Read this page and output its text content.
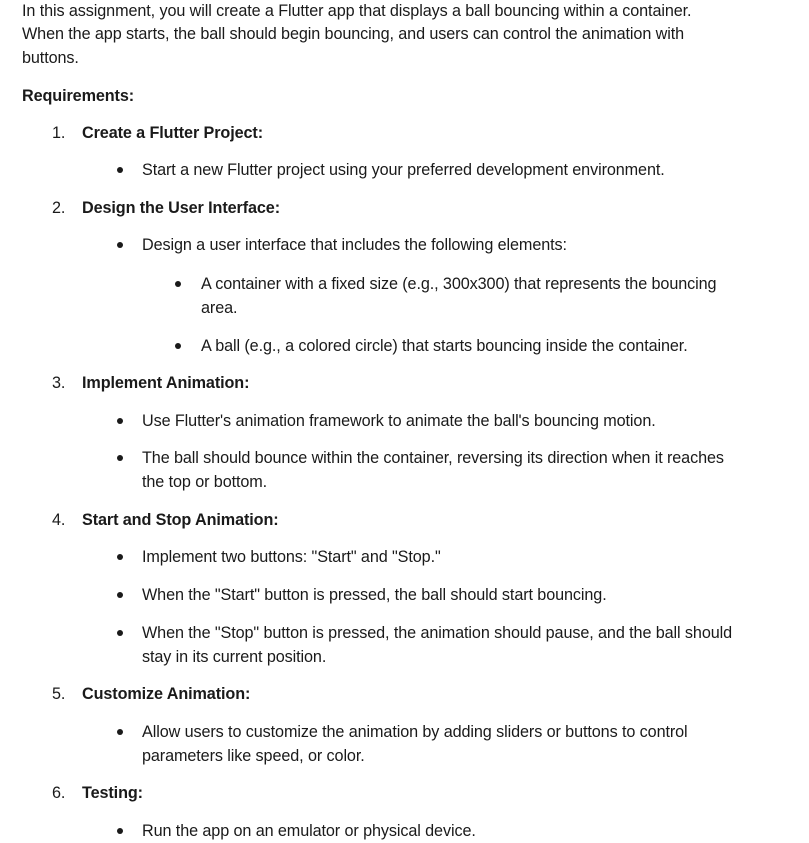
In this assignment, you will create a Flutter app that displays a ball bouncing within a container.
When the app starts, the ball should begin bouncing, and users can control the animation with
buttons.
Requirements:
1. Create a Flutter Project:
Start a new Flutter project using your preferred development environment.
2. Design the User Interface:
Design a user interface that includes the following elements:
A container with a fixed size (e.g., 300x300) that represents the bouncing
area.
A ball (e.g., a colored circle) that starts bouncing inside the container.
3. Implement Animation:
Use Flutter's animation framework to animate the ball's bouncing motion.
The ball should bounce within the container, reversing its direction when it reaches
the top or bottom.
4. Start and Stop Animation:
Implement two buttons: "Start" and "Stop."
When the "Start" button is pressed, the ball should start bouncing.
When the "Stop" button is pressed, the animation should pause, and the ball should
stay in its current position.
5. Customize Animation:
Allow users to customize the animation by adding sliders or buttons to control
parameters like speed, or color.
6. Testing:
Run the app on an emulator or physical device.
